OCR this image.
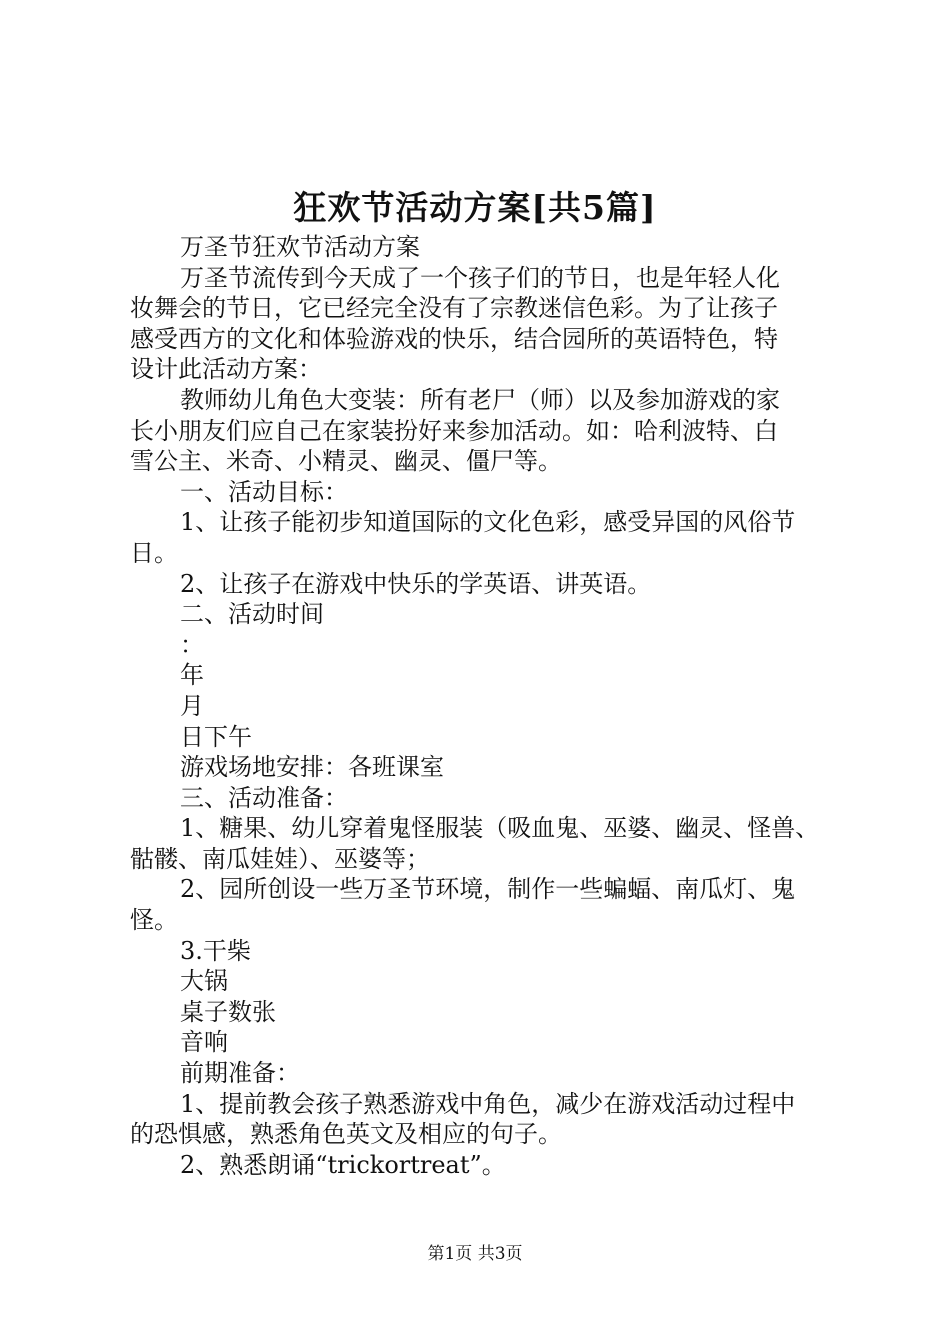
狂欢节活动方案[共5篇]
万圣节狂欢节活动方案
万圣节流传到今天成了一个孩子们的节日，也是年轻人化
妆舞会的节日，它已经完全没有了宗教迷信色彩。为了让孩子
感受西方的文化和体验游戏的快乐，结合园所的英语特色，特
设计此活动方案：
教师幼儿角色大变装：所有老尸（师）以及参加游戏的家
长小朋友们应自己在家装扮好来参加活动。如：哈利波特、白
雪公主、米奇、小精灵、幽灵、僵尸等。
一、活动目标：
1、让孩子能初步知道国际的文化色彩，感受异国的风俗节
日。
2、让孩子在游戏中快乐的学英语、讲英语。
二、活动时间
：
年
月
日下午
游戏场地安排：各班课室
三、活动准备：
1、糖果、幼儿穿着鬼怪服装（吸血鬼、巫婆、幽灵、怪兽、
骷髅、南瓜娃娃）、巫婆等；
2、园所创设一些万圣节环境，制作一些蝙蝠、南瓜灯、鬼
怪。
3.干柴
大锅
桌子数张
音响
前期准备：
1、提前教会孩子熟悉游戏中角色，减少在游戏活动过程中
的恐惧感，熟悉角色英文及相应的句子。
2、熟悉朗诵“trickortreat”。
第1页 共3页
